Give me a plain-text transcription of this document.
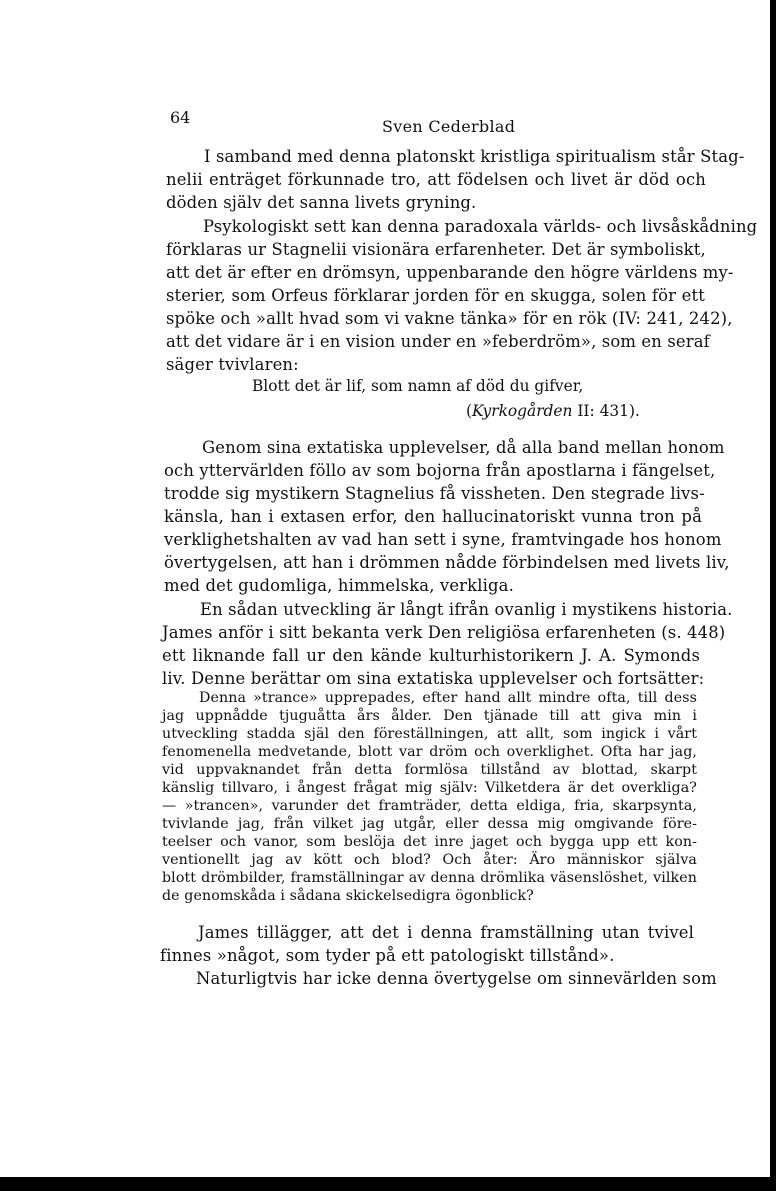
64	Sven Cederblad
I samband med denna platonskt kristliga spiritualism står Stag-
nelii enträget förkunnade tro, att födelsen och livet är död och
döden själv det sanna livets gryning.
Psykologiskt sett kan denna paradoxala världs- och livsåskådning
förklaras ur Stagnelii visionära erfarenheter. Det är symboliskt,
att det är efter en drömsyn, uppenbarande den högre världens my-
sterier, som Orfeus förklarar jorden för en skugga, solen för ett
spöke och »allt hvad som vi vakne tänka» för en rök (IV: 241, 242),
att det vidare är i en vision under en »feberdröm», som en seraf
säger tvivlaren:
Blott det är lif, som namn af död du gifver,
(Kyrkogården II: 431).
Genom sina extatiska upplevelser, då alla band mellan honom
och yttervärlden föllo av som bojorna från apostlarna i fängelset,
trodde sig mystikern Stagnelius få vissheten. Den stegrade livs-
känsla, han i extasen erfor, den hallucinatoriskt vunna tron på
verklighetshalten av vad han sett i syne, framtvingade hos honom
övertygelsen, att han i drömmen nådde förbindelsen med livets liv,
med det gudomliga, himmelska, verkliga.
En sådan utveckling är långt ifrån ovanlig i mystikens historia.
James anför i sitt bekanta verk Den religiösa erfarenheten (s. 448)
ett liknande fall ur den kände kulturhistorikern J. A. Symonds
liv. Denne berättar om sina extatiska upplevelser och fortsätter:
Denna »trance» upprepades, efter hand allt mindre ofta, till dess
jag uppnådde tjuguåtta års ålder. Den tjänade till att giva min i
utveckling stadda själ den föreställningen, att allt, som ingick i vårt
fenomenella medvetande, blott var dröm och overklighet. Ofta har jag,
vid uppvaknandet från detta formlösa tillstånd av blottad, skarpt
känslig tillvaro, i ångest frågat mig själv: Vilketdera är det overkliga?
— »trancen», varunder det framträder, detta eldiga, fria, skarpsynta,
tvivlande jag, från vilket jag utgår, eller dessa mig omgivande före-
teelser och vanor, som beslöja det inre jaget och bygga upp ett kon-
ventionellt jag av kött och blod? Och åter: Äro människor själva
blott drömbilder, framställningar av denna drömlika väsenslöshet, vilken
de genomskåda i sådana skickelsedigra ögonblick?
James tillägger, att det i denna framställning utan tvivel
finnes »något, som tyder på ett patologiskt tillstånd».
Naturligtvis har icke denna övertygelse om sinnevärlden som
